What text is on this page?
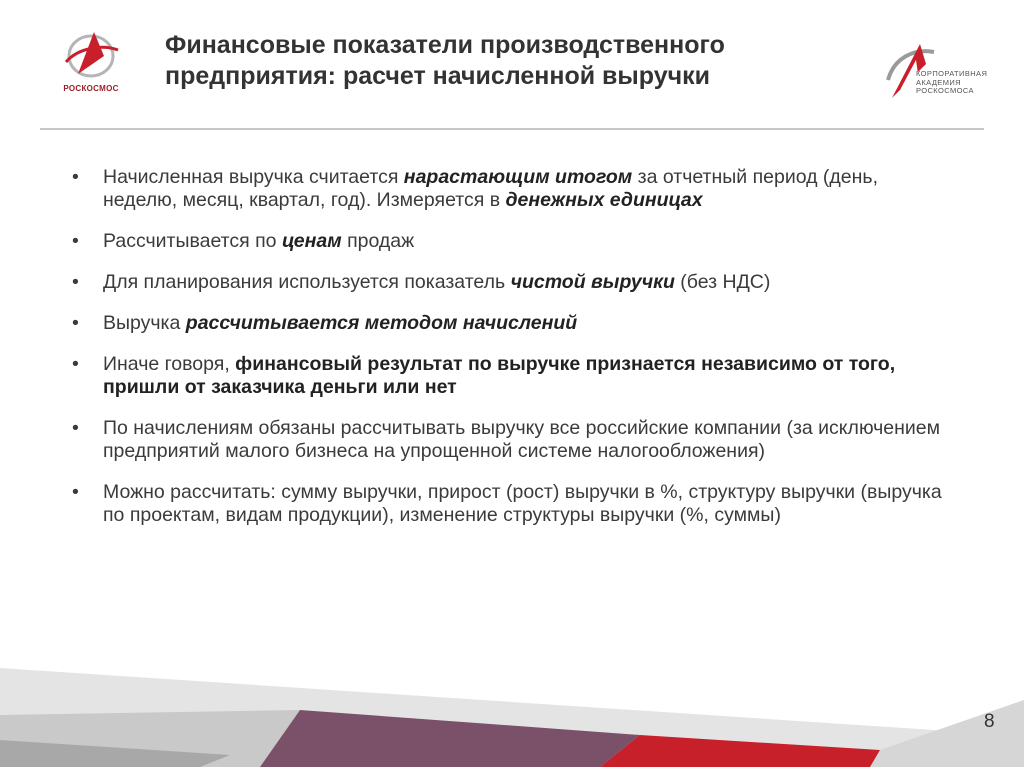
РОСКОСМОС
Финансовые показатели производственного
предприятия: расчет начисленной выручки	КОРПОРАТИВНАЯ
АКАДЕМИЯ
РОСКОСМОСА
• Начисленная выручка считается нарастающим итогом за отчетный период (день, неделю, месяц, квартал, год). Измеряется в денежных единицах
• Рассчитывается по ценам продаж
• Для планирования используется показатель чистой выручки (без НДС)
• Выручка рассчитывается методом начислений
• Иначе говоря, финансовый результат по выручке признается независимо от того, пришли от заказчика деньги или нет
• По начислениям обязаны рассчитывать выручку все российские компании (за исключением предприятий малого бизнеса на упрощенной системе налогообложения)
• Можно рассчитать: сумму выручки, прирост (рост) выручки в %, структуру выручки (выручка по проектам, видам продукции), изменение структуры выручки (%, суммы)
8
